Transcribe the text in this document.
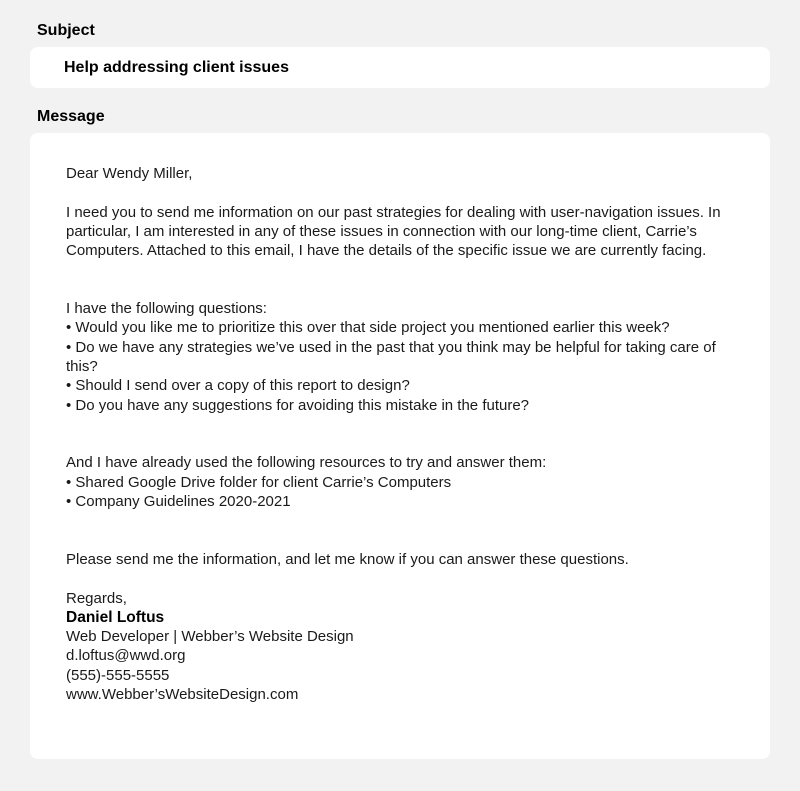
Subject
Help addressing client issues
Message

Dear Wendy Miller,

I need you to send me information on our past strategies for dealing with user-navigation issues. In particular, I am interested in any of these issues in connection with our long-time client, Carrie’s Computers. Attached to this email, I have the details of the specific issue we are currently facing.

I have the following questions:

• Would you like me to prioritize this over that side project you mentioned earlier this week?
• Do we have any strategies we’ve used in the past that you think may be helpful for taking care of this?
• Should I send over a copy of this report to design?
• Do you have any suggestions for avoiding this mistake in the future?

And I have already used the following resources to try and answer them:

• Shared Google Drive folder for client Carrie’s Computers
• Company Guidelines 2020-2021

Please send me the information, and let me know if you can answer these questions.

Regards,

Daniel Loftus

Web Developer | Webber’s Website Design

d.loftus@wwd.org

(555)-555-5555

www.Webber’sWebsiteDesign.com
